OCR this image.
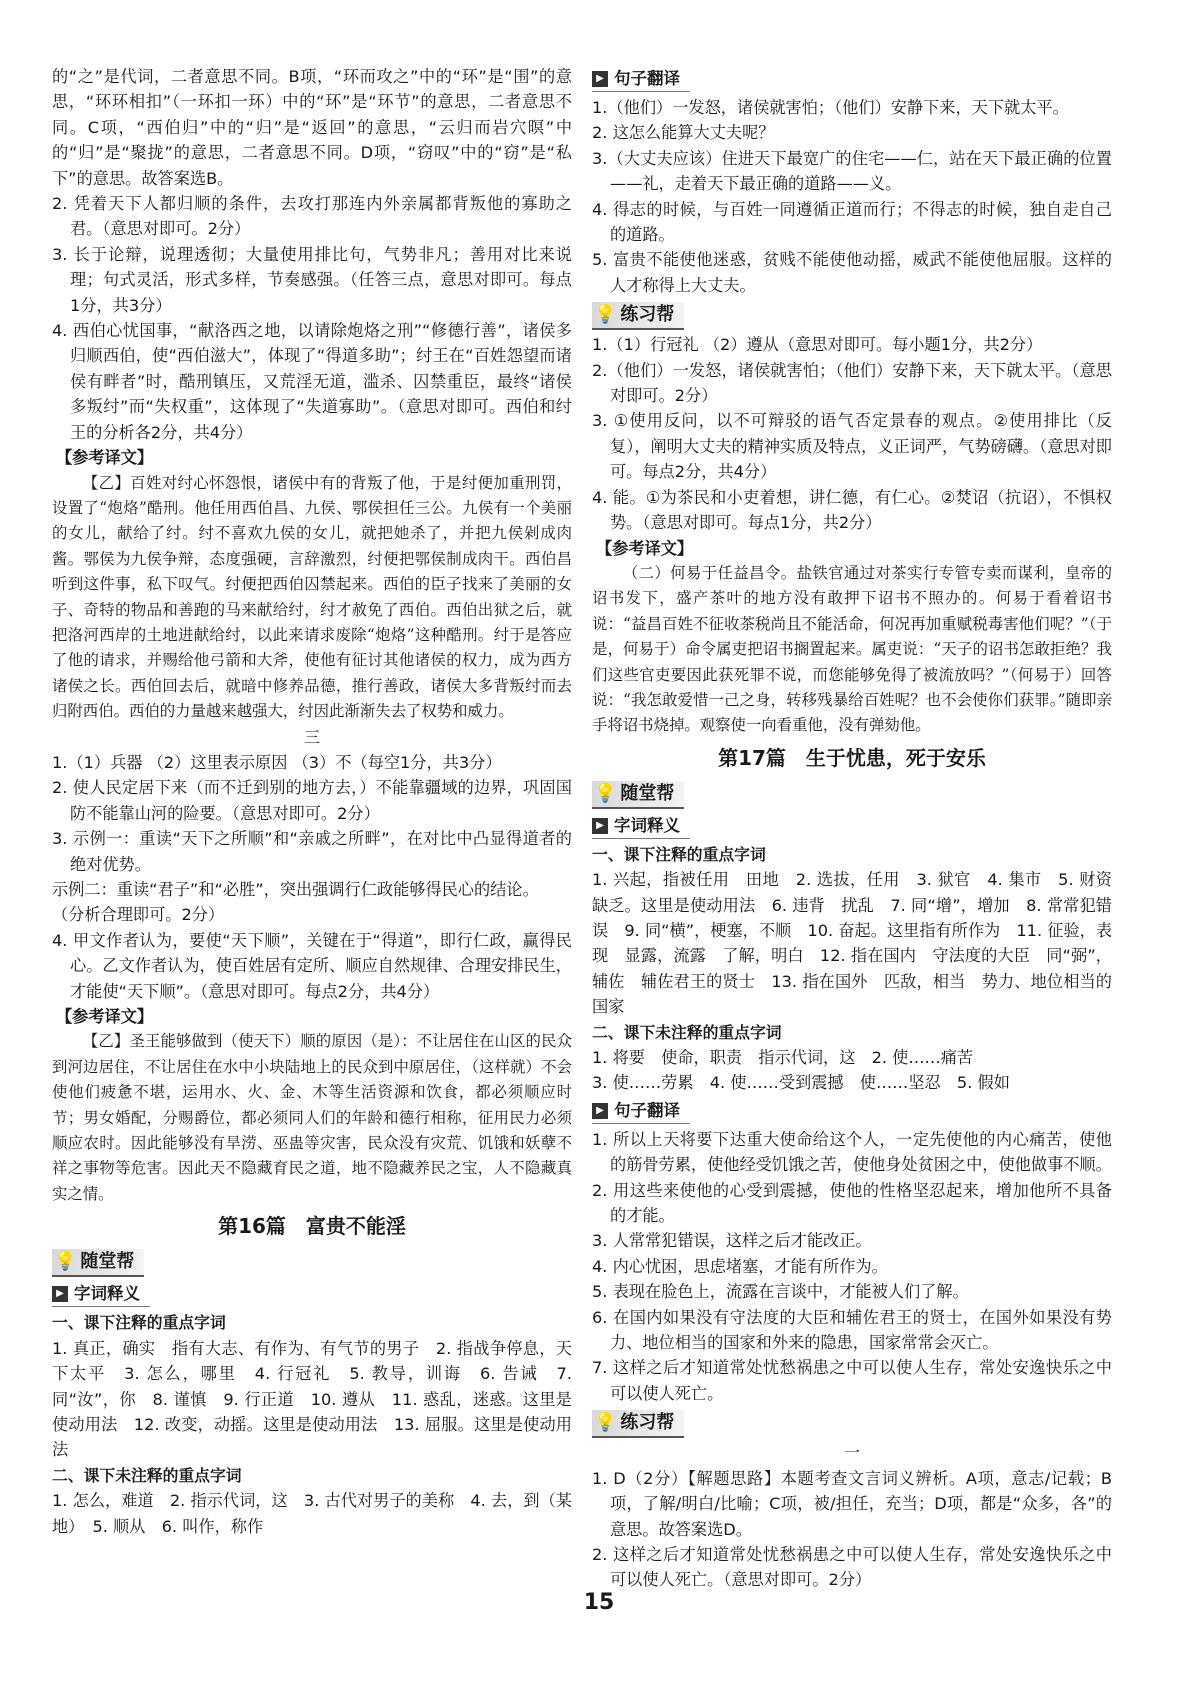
的“之”是代词，二者意思不同。B项，“环而攻之”中的“环”是“围”的意思，“环环相扣”（一环扣一环）中的“环”是“环节”的意思，二者意思不同。C项，“西伯归”中的“归”是“返回”的意思，“云归而岩穴暝”中的“归”是“聚拢”的意思，二者意思不同。D项，“窃叹”中的“窃”是“私下”的意思。故答案选B。

2. 凭着天下人都归顺的条件，去攻打那连内外亲属都背叛他的寡助之君。（意思对即可。2分）

3. 长于论辩，说理透彻；大量使用排比句，气势非凡；善用对比来说理；句式灵活，形式多样，节奏感强。（任答三点，意思对即可。每点1分，共3分）

4. 西伯心忧国事，“献洛西之地，以请除炮烙之刑”“修德行善”，诸侯多归顺西伯，使“西伯滋大”，体现了“得道多助”；纣王在“百姓怨望而诸侯有畔者”时，酷刑镇压，又荒淫无道，滥杀、囚禁重臣，最终“诸侯多叛纣”而“失权重”，这体现了“失道寡助”。（意思对即可。西伯和纣王的分析各2分，共4分）

【参考译文】

【乙】百姓对纣心怀怨恨，诸侯中有的背叛了他，于是纣便加重刑罚，设置了“炮烙”酷刑。他任用西伯昌、九侯、鄂侯担任三公。九侯有一个美丽的女儿，献给了纣。纣不喜欢九侯的女儿，就把她杀了，并把九侯剁成肉酱。鄂侯为九侯争辩，态度强硬，言辞激烈，纣便把鄂侯制成肉干。西伯昌听到这件事，私下叹气。纣便把西伯囚禁起来。西伯的臣子找来了美丽的女子、奇特的物品和善跑的马来献给纣，纣才赦免了西伯。西伯出狱之后，就把洛河西岸的土地进献给纣，以此来请求废除“炮烙”这种酷刑。纣于是答应了他的请求，并赐给他弓箭和大斧，使他有征讨其他诸侯的权力，成为西方诸侯之长。西伯回去后，就暗中修养品德，推行善政，诸侯大多背叛纣而去归附西伯。西伯的力量越来越强大，纣因此渐渐失去了权势和威力。

三

1.（1）兵器 （2）这里表示原因 （3）不（每空1分，共3分）

2. 使人民定居下来（而不迁到别的地方去，）不能靠疆域的边界，巩固国防不能靠山河的险要。（意思对即可。2分）

3. 示例一：重读“天下之所顺”和“亲戚之所畔”，在对比中凸显得道者的绝对优势。

示例二：重读“君子”和“必胜”，突出强调行仁政能够得民心的结论。

（分析合理即可。2分）

4. 甲文作者认为，要使“天下顺”，关键在于“得道”，即行仁政，赢得民心。乙文作者认为，使百姓居有定所、顺应自然规律、合理安排民生，才能使“天下顺”。（意思对即可。每点2分，共4分）

【参考译文】

【乙】圣王能够做到（使天下）顺的原因（是）：不让居住在山区的民众到河边居住，不让居住在水中小块陆地上的民众到中原居住，（这样就）不会使他们疲惫不堪，运用水、火、金、木等生活资源和饮食，都必须顺应时节；男女婚配，分赐爵位，都必须同人们的年龄和德行相称，征用民力必须顺应农时。因此能够没有旱涝、巫蛊等灾害，民众没有灾荒、饥饿和妖孽不祥之事物等危害。因此天不隐藏育民之道，地不隐藏养民之宝，人不隐藏真实之情。

第16篇　富贵不能淫

💡 随堂帮
▶ 字词释义

一、课下注释的重点字词

1. 真正，确实　指有大志、有作为、有气节的男子　2. 指战争停息，天下太平　3. 怎么，哪里　4. 行冠礼　5. 教导，训诲　6. 告诫　7. 同“汝”，你　8. 谨慎　9. 行正道　10. 遵从　11. 惑乱，迷惑。这里是使动用法　12. 改变，动摇。这里是使动用法　13. 屈服。这里是使动用法

二、课下未注释的重点字词

1. 怎么，难道　2. 指示代词，这　3. 古代对男子的美称　4. 去，到（某地）　5. 顺从　6. 叫作，称作

▶ 句子翻译

1.（他们）一发怒，诸侯就害怕；（他们）安静下来，天下就太平。

2. 这怎么能算大丈夫呢？

3.（大丈夫应该）住进天下最宽广的住宅——仁，站在天下最正确的位置——礼，走着天下最正确的道路——义。

4. 得志的时候，与百姓一同遵循正道而行；不得志的时候，独自走自己的道路。

5. 富贵不能使他迷惑，贫贱不能使他动摇，威武不能使他屈服。这样的人才称得上大丈夫。

💡 练习帮

1.（1）行冠礼 （2）遵从（意思对即可。每小题1分，共2分）

2.（他们）一发怒，诸侯就害怕；（他们）安静下来，天下就太平。（意思对即可。2分）

3. ①使用反问，以不可辩驳的语气否定景春的观点。②使用排比（反复），阐明大丈夫的精神实质及特点，义正词严，气势磅礴。（意思对即可。每点2分，共4分）

4. 能。①为茶民和小吏着想，讲仁德，有仁心。②焚诏（抗诏），不惧权势。（意思对即可。每点1分，共2分）

【参考译文】

（二）何易于任益昌令。盐铁官通过对茶实行专管专卖而谋利，皇帝的诏书发下，盛产茶叶的地方没有敢押下诏书不照办的。何易于看着诏书说：“益昌百姓不征收茶税尚且不能活命，何况再加重赋税毒害他们呢？”（于是，何易于）命令属吏把诏书搁置起来。属吏说：“天子的诏书怎敢拒绝？我们这些官吏要因此获死罪不说，而您能够免得了被流放吗？”（何易于）回答说：“我怎敢爱惜一己之身，转移残暴给百姓呢？也不会使你们获罪。”随即亲手将诏书烧掉。观察使一向看重他，没有弹劾他。

第17篇　生于忧患，死于安乐

💡 随堂帮
▶ 字词释义

一、课下注释的重点字词

1. 兴起，指被任用　田地　2. 选拔，任用　3. 狱官　4. 集市　5. 财资缺乏。这里是使动用法　6. 违背　扰乱　7. 同“增”，增加　8. 常常犯错误　9. 同“横”，梗塞，不顺　10. 奋起。这里指有所作为　11. 征验，表现　显露，流露　了解，明白　12. 指在国内　守法度的大臣　同“弼”，辅佐　辅佐君王的贤士　13. 指在国外　匹敌，相当　势力、地位相当的国家

二、课下未注释的重点字词

1. 将要　使命，职责　指示代词，这　2. 使……痛苦

3. 使……劳累　4. 使……受到震撼　使……坚忍　5. 假如

▶ 句子翻译

1. 所以上天将要下达重大使命给这个人，一定先使他的内心痛苦，使他的筋骨劳累，使他经受饥饿之苦，使他身处贫困之中，使他做事不顺。

2. 用这些来使他的心受到震撼，使他的性格坚忍起来，增加他所不具备的才能。

3. 人常常犯错误，这样之后才能改正。

4. 内心忧困，思虑堵塞，才能有所作为。

5. 表现在脸色上，流露在言谈中，才能被人们了解。

6. 在国内如果没有守法度的大臣和辅佐君王的贤士，在国外如果没有势力、地位相当的国家和外来的隐患，国家常常会灭亡。

7. 这样之后才知道常处忧愁祸患之中可以使人生存，常处安逸快乐之中可以使人死亡。

💡 练习帮

一

1. D（2分）【解题思路】本题考查文言词义辨析。A项，意志/记载；B项，了解/明白/比喻；C项，被/担任，充当；D项，都是“众多，各”的意思。故答案选D。

2. 这样之后才知道常处忧愁祸患之中可以使人生存，常处安逸快乐之中可以使人死亡。（意思对即可。2分）

15
